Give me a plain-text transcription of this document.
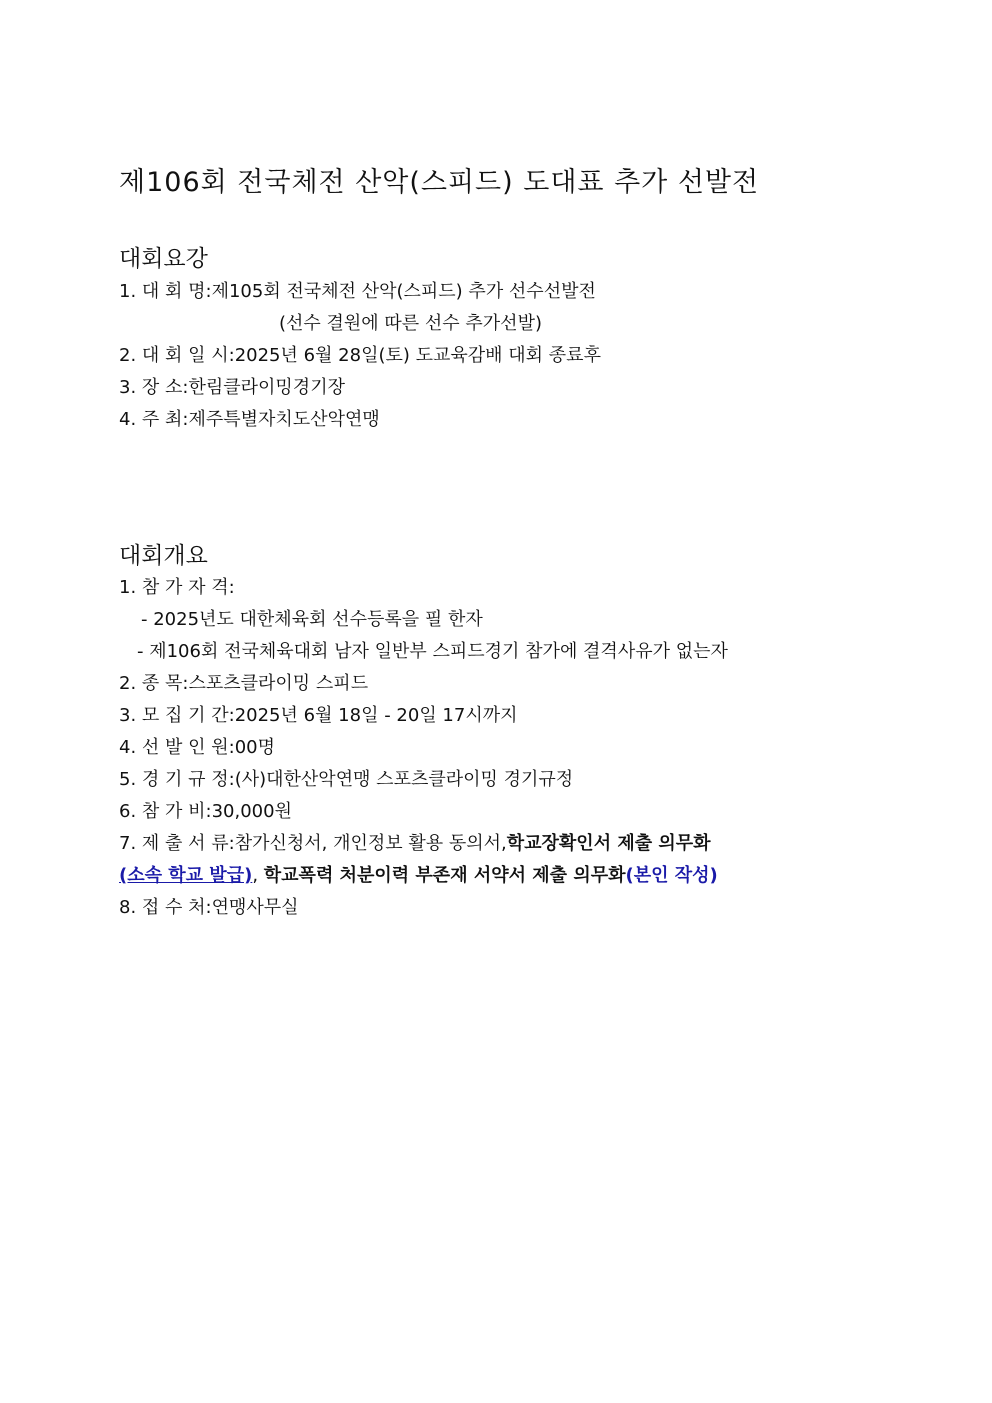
제106회 전국체전 산악(스피드) 도대표 추가 선발전
대회요강
1. 대 회 명:제105회 전국체전 산악(스피드) 추가 선수선발전
(선수 결원에 따른 선수 추가선발)
2. 대 회 일 시:2025년 6월 28일(토) 도교육감배 대회 종료후
3. 장 소:한림클라이밍경기장
4. 주 최:제주특별자치도산악연맹
대회개요
1. 참 가 자 격:
- 2025년도 대한체육회 선수등록을 필 한자
- 제106회 전국체육대회 남자 일반부 스피드경기 참가에 결격사유가 없는자
2. 종 목:스포츠클라이밍 스피드
3. 모 집 기 간:2025년 6월 18일 - 20일 17시까지
4. 선 발 인 원:00명
5. 경 기 규 정:(사)대한산악연맹 스포츠클라이밍 경기규정
6. 참 가 비:30,000원
7. 제 출 서 류:참가신청서, 개인정보 활용 동의서,학교장확인서 제출 의무화
(소속 학교 발급), 학교폭력 처분이력 부존재 서약서 제출 의무화(본인 작성)
8. 접 수 처:연맹사무실
